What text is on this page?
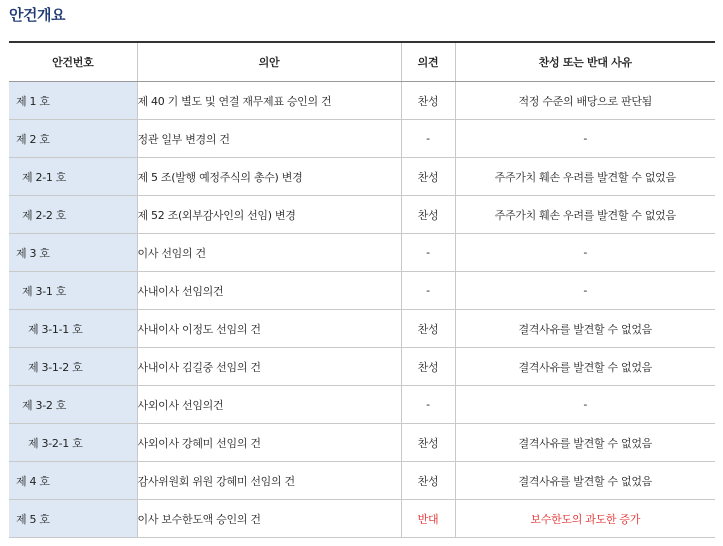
안건개요
안건번호	의안	의견	찬성 또는 반대 사유
제 1 호	제 40 기 별도 및 연결 재무제표 승인의 건	찬성	적정 수준의 배당으로 판단됨
제 2 호	정관 일부 변경의 건	-	-
제 2-1 호	제 5 조(발행 예정주식의 총수) 변경	찬성	주주가치 훼손 우려를 발견할 수 없었음
제 2-2 호	제 52 조(외부감사인의 선임) 변경	찬성	주주가치 훼손 우려를 발견할 수 없었음
제 3 호	이사 선임의 건	-	-
제 3-1 호	사내이사 선임의건	-	-
제 3-1-1 호	사내이사 이정도 선임의 건	찬성	결격사유를 발견할 수 없었음
제 3-1-2 호	사내이사 김길중 선임의 건	찬성	결격사유를 발견할 수 없었음
제 3-2 호	사외이사 선임의건	-	-
제 3-2-1 호	사외이사 강혜미 선임의 건	찬성	결격사유를 발견할 수 없었음
제 4 호	감사위원회 위원 강혜미 선임의 건	찬성	결격사유를 발견할 수 없었음
제 5 호	이사 보수한도액 승인의 건	반대	보수한도의 과도한 증가
